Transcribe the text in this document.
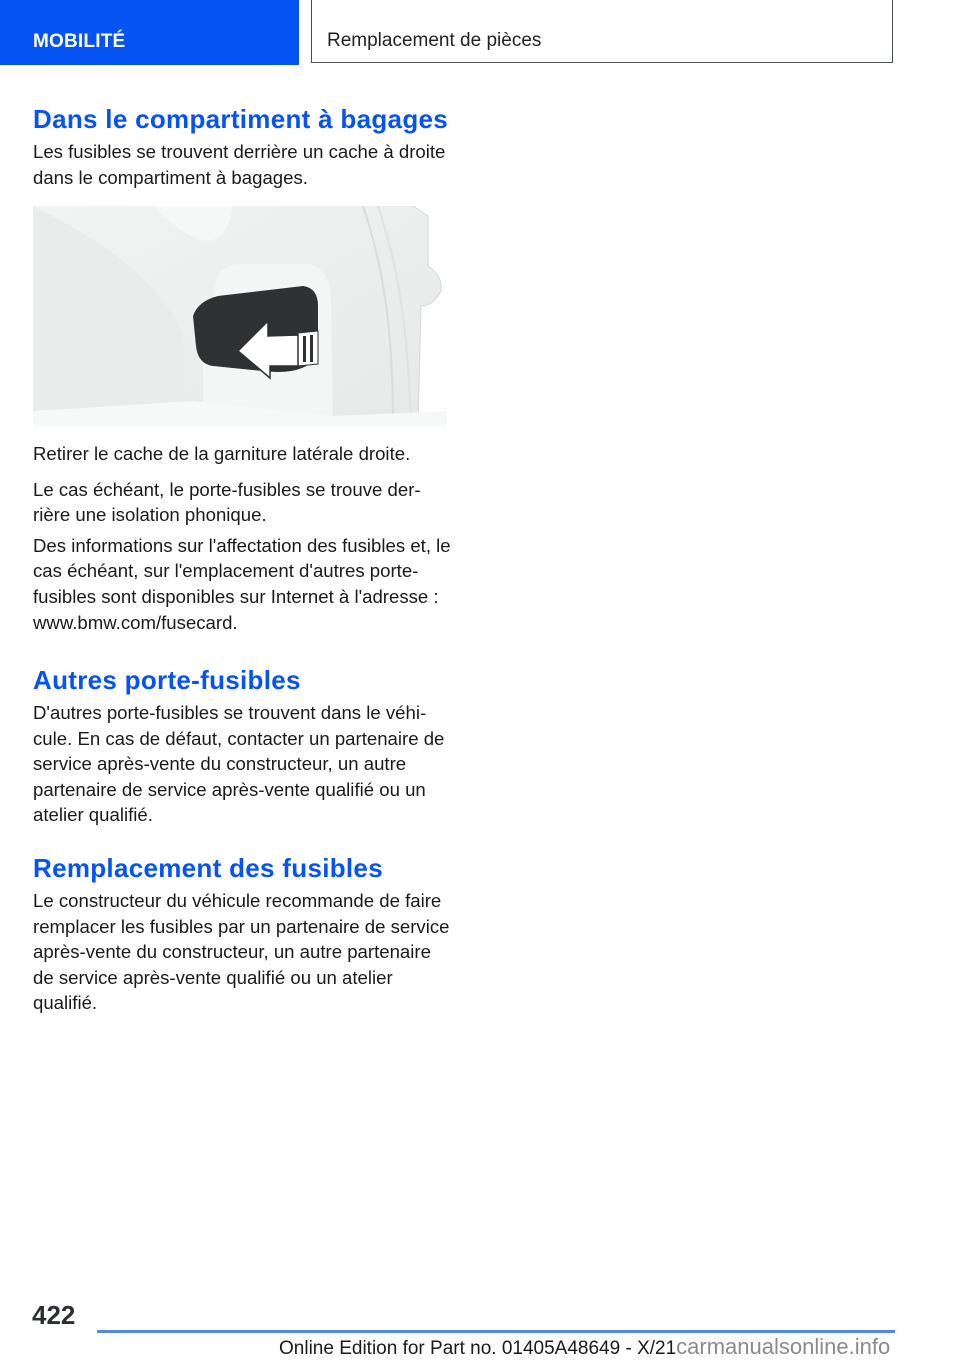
MOBILITÉ	Remplacement de pièces
Dans le compartiment à bagages

Les fusibles se trouvent derrière un cache à droite dans le compartiment à bagages.

Retirer le cache de la garniture latérale droite.

Le cas échéant, le porte-fusibles se trouve der-rière une isolation phonique.

Des informations sur l'affectation des fusibles et, le cas échéant, sur l'emplacement d'autres porte-fusibles sont disponibles sur Internet à l'adresse : www.bmw.com/fusecard.

Autres porte-fusibles

D'autres porte-fusibles se trouvent dans le véhi-cule. En cas de défaut, contacter un partenaire de service après-vente du constructeur, un autre partenaire de service après-vente qualifié ou un atelier qualifié.

Remplacement des fusibles

Le constructeur du véhicule recommande de faire remplacer les fusibles par un partenaire de service après-vente du constructeur, un autre partenaire de service après-vente qualifié ou un atelier qualifié.

422
Online Edition for Part no. 01405A48649 - X/21carmanualsonline.info
